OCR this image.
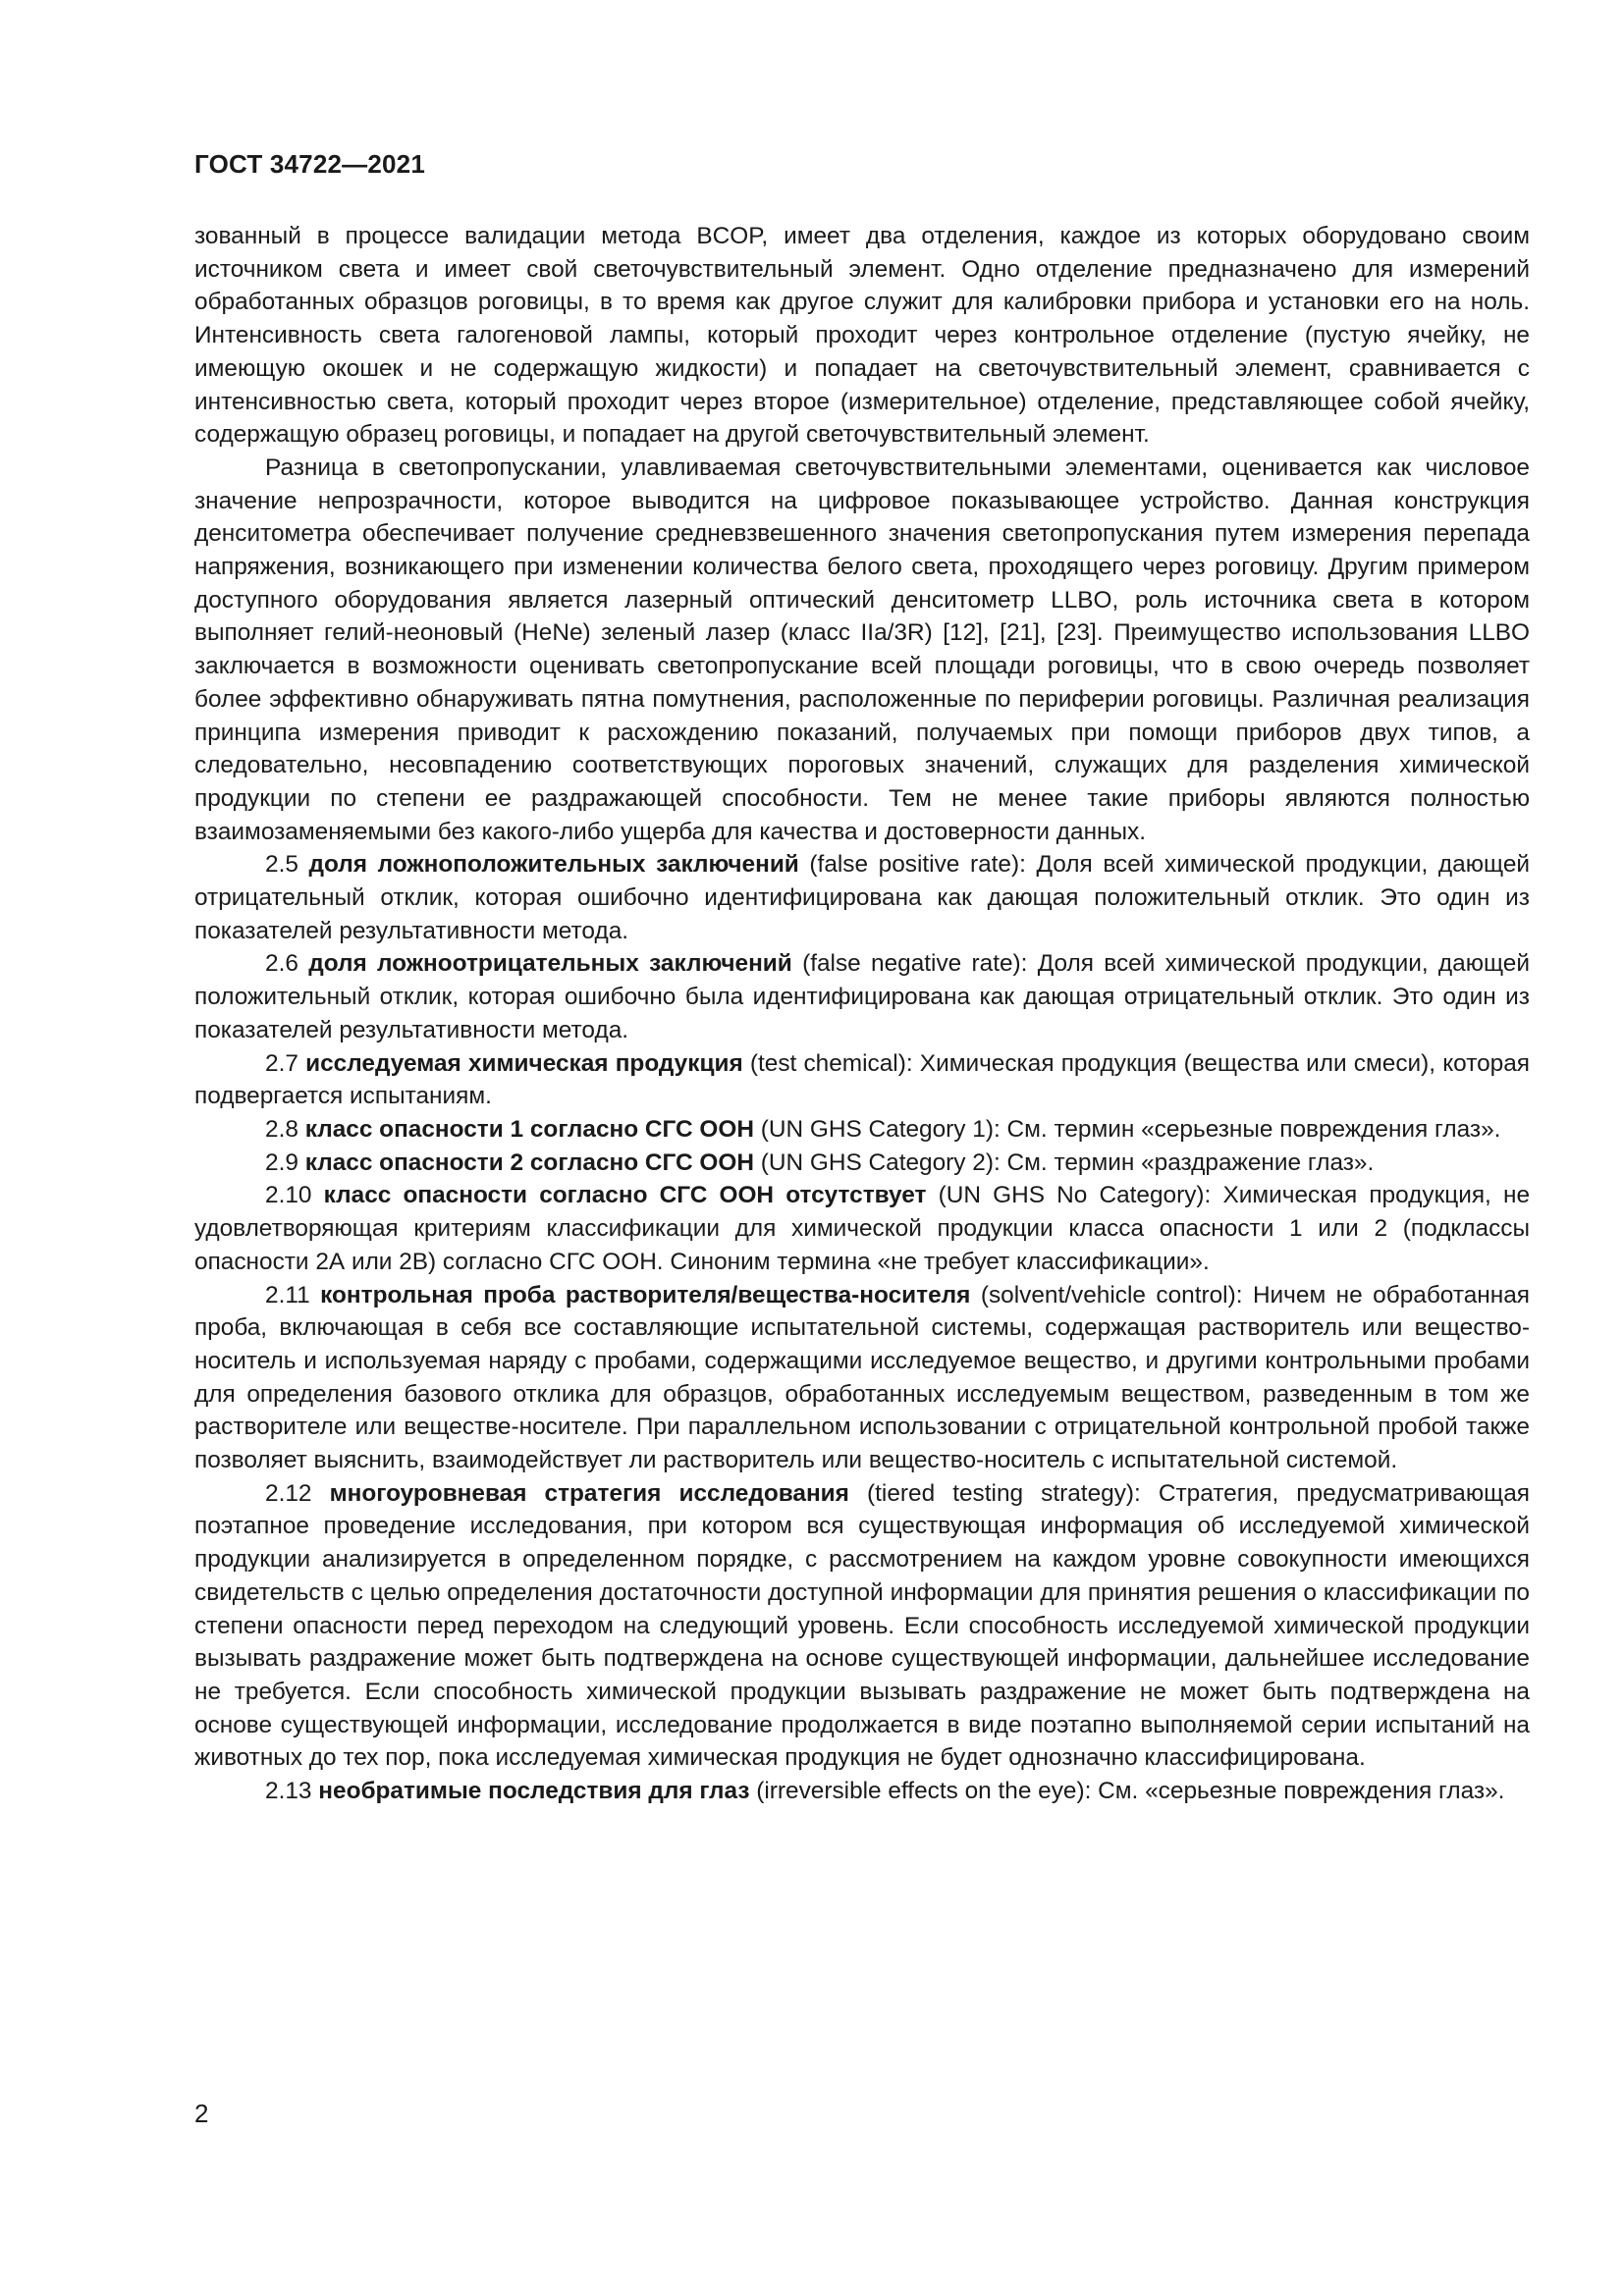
ГОСТ 34722—2021

зованный в процессе валидации метода BCOP, имеет два отделения, каждое из которых оборудовано своим источником света и имеет свой светочувствительный элемент. Одно отделение предназначено для измерений обработанных образцов роговицы, в то время как другое служит для калибровки прибора и установки его на ноль. Интенсивность света галогеновой лампы, который проходит через контрольное отделение (пустую ячейку, не имеющую окошек и не содержащую жидкости) и попадает на светочувствительный элемент, сравнивается с интенсивностью света, который проходит через второе (измерительное) отделение, представляющее собой ячейку, содержащую образец роговицы, и попадает на другой светочувствительный элемент.

Разница в светопропускании, улавливаемая светочувствительными элементами, оценивается как числовое значение непрозрачности, которое выводится на цифровое показывающее устройство. Данная конструкция денситометра обеспечивает получение средневзвешенного значения светопропускания путем измерения перепада напряжения, возникающего при изменении количества белого света, проходящего через роговицу. Другим примером доступного оборудования является лазерный оптический денситометр LLBO, роль источника света в котором выполняет гелий-неоновый (HeNe) зеленый лазер (класс IIa/3R) [12], [21], [23]. Преимущество использования LLBO заключается в возможности оценивать светопропускание всей площади роговицы, что в свою очередь позволяет более эффективно обнаруживать пятна помутнения, расположенные по периферии роговицы. Различная реализация принципа измерения приводит к расхождению показаний, получаемых при помощи приборов двух типов, а следовательно, несовпадению соответствующих пороговых значений, служащих для разделения химической продукции по степени ее раздражающей способности. Тем не менее такие приборы являются полностью взаимозаменяемыми без какого-либо ущерба для качества и достоверности данных.

2.5 доля ложноположительных заключений (false positive rate): Доля всей химической продукции, дающей отрицательный отклик, которая ошибочно идентифицирована как дающая положительный отклик. Это один из показателей результативности метода.

2.6 доля ложноотрицательных заключений (false negative rate): Доля всей химической продукции, дающей положительный отклик, которая ошибочно была идентифицирована как дающая отрицательный отклик. Это один из показателей результативности метода.

2.7 исследуемая химическая продукция (test chemical): Химическая продукция (вещества или смеси), которая подвергается испытаниям.

2.8 класс опасности 1 согласно СГС ООН (UN GHS Category 1): См. термин «серьезные повреждения глаз».

2.9 класс опасности 2 согласно СГС ООН (UN GHS Category 2): См. термин «раздражение глаз».

2.10 класс опасности согласно СГС ООН отсутствует (UN GHS No Category): Химическая продукция, не удовлетворяющая критериям классификации для химической продукции класса опасности 1 или 2 (подклассы опасности 2А или 2В) согласно СГС ООН. Синоним термина «не требует классификации».

2.11 контрольная проба растворителя/вещества-носителя (solvent/vehicle control): Ничем не обработанная проба, включающая в себя все составляющие испытательной системы, содержащая растворитель или вещество-носитель и используемая наряду с пробами, содержащими исследуемое вещество, и другими контрольными пробами для определения базового отклика для образцов, обработанных исследуемым веществом, разведенным в том же растворителе или веществе-носителе. При параллельном использовании с отрицательной контрольной пробой также позволяет выяснить, взаимодействует ли растворитель или вещество-носитель с испытательной системой.

2.12 многоуровневая стратегия исследования (tiered testing strategy): Стратегия, предусматривающая поэтапное проведение исследования, при котором вся существующая информация об исследуемой химической продукции анализируется в определенном порядке, с рассмотрением на каждом уровне совокупности имеющихся свидетельств с целью определения достаточности доступной информации для принятия решения о классификации по степени опасности перед переходом на следующий уровень. Если способность исследуемой химической продукции вызывать раздражение может быть подтверждена на основе существующей информации, дальнейшее исследование не требуется. Если способность химической продукции вызывать раздражение не может быть подтверждена на основе существующей информации, исследование продолжается в виде поэтапно выполняемой серии испытаний на животных до тех пор, пока исследуемая химическая продукция не будет однозначно классифицирована.

2.13 необратимые последствия для глаз (irreversible effects on the eye): См. «серьезные повреждения глаз».

2
